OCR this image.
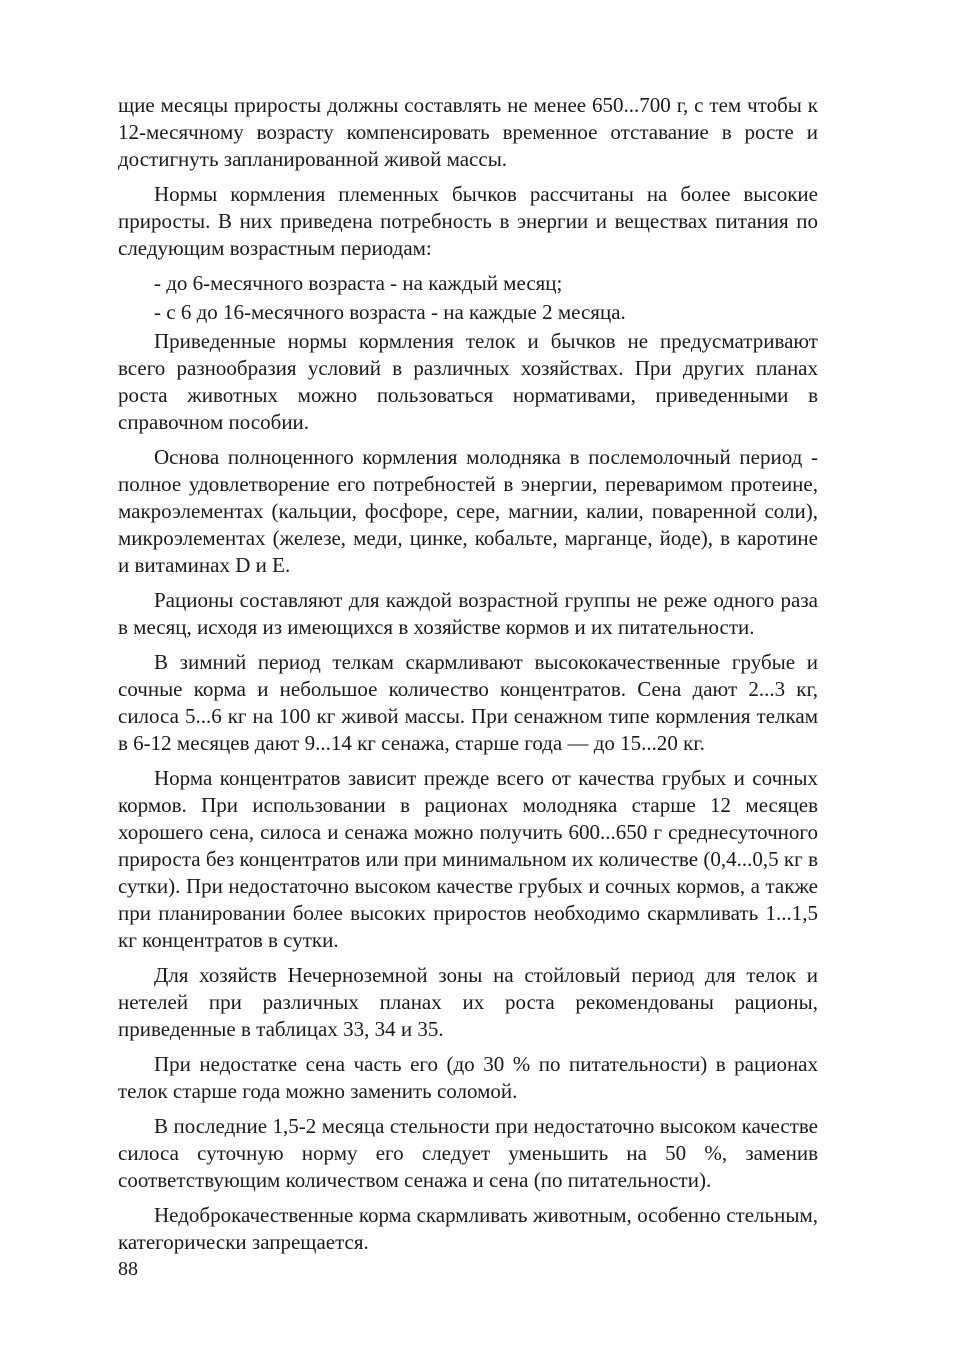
щие месяцы приросты должны составлять не менее 650...700 г, с тем чтобы к 12-месячному возрасту компенсировать временное отставание в росте и достигнуть запланированной живой массы.

Нормы кормления племенных бычков рассчитаны на более высокие приросты. В них приведена потребность в энергии и веществах питания по следующим возрастным периодам:

- до 6-месячного возраста - на каждый месяц;

- с 6 до 16-месячного возраста - на каждые 2 месяца.

Приведенные нормы кормления телок и бычков не предусматривают всего разнообразия условий в различных хозяйствах. При других планах роста животных можно пользоваться нормативами, приведенными в справочном пособии.

Основа полноценного кормления молодняка в послемолочный период - полное удовлетворение его потребностей в энергии, переваримом протеине, макроэлементах (кальции, фосфоре, сере, магнии, калии, поваренной соли), микроэлементах (железе, меди, цинке, кобальте, марганце, йоде), в каротине и витаминах D и E.

Рационы составляют для каждой возрастной группы не реже одного раза в месяц, исходя из имеющихся в хозяйстве кормов и их питательности.

В зимний период телкам скармливают высококачественные грубые и сочные корма и небольшое количество концентратов. Сена дают 2...3 кг, силоса 5...6 кг на 100 кг живой массы. При сенажном типе кормления телкам в 6-12 месяцев дают 9...14 кг сенажа, старше года — до 15...20 кг.

Норма концентратов зависит прежде всего от качества грубых и сочных кормов. При использовании в рационах молодняка старше 12 месяцев хорошего сена, силоса и сенажа можно получить 600...650 г среднесуточного прироста без концентратов или при минимальном их количестве (0,4...0,5 кг в сутки). При недостаточно высоком качестве грубых и сочных кормов, а также при планировании более высоких приростов необходимо скармливать 1...1,5 кг концентратов в сутки.

Для хозяйств Нечерноземной зоны на стойловый период для телок и нетелей при различных планах их роста рекомендованы рационы, приведенные в таблицах 33, 34 и 35.

При недостатке сена часть его (до 30 % по питательности) в рационах телок старше года можно заменить соломой.

В последние 1,5-2 месяца стельности при недостаточно высоком качестве силоса суточную норму его следует уменьшить на 50 %, заменив соответствующим количеством сенажа и сена (по питательности).

Недоброкачественные корма скармливать животным, особенно стельным, категорически запрещается.

88
